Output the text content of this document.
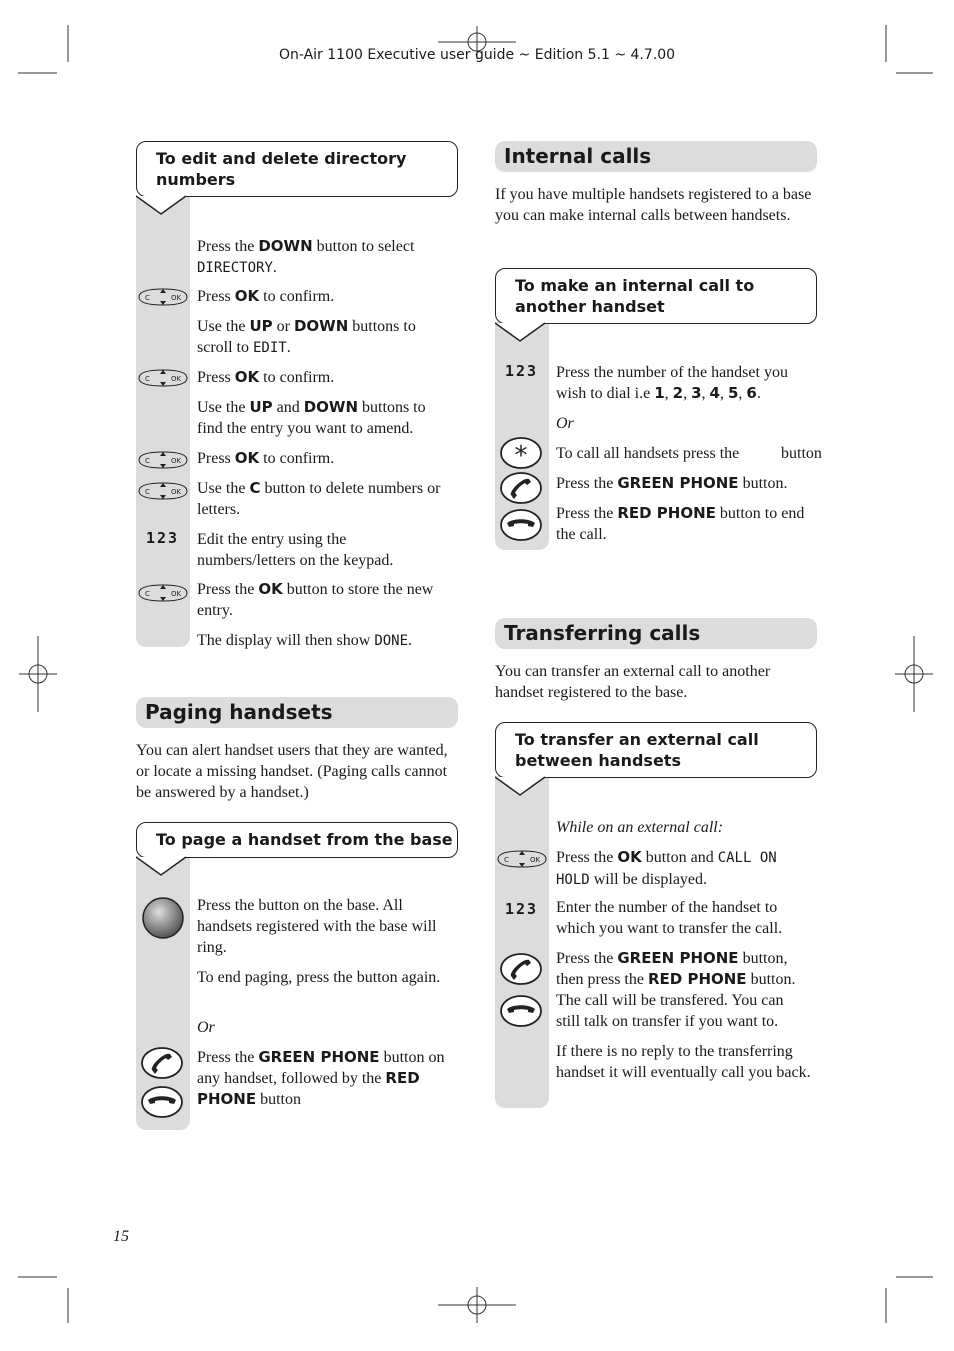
On-Air 1100 Executive user guide ~ Edition 5.1 ~ 4.7.00
15
To edit and delete directory numbers
C	OK
C	OK
C	OK
C	OK
123
C	OK
Press the DOWN button to select DIRECTORY.
Press OK to confirm.
Use the UP or DOWN buttons to scroll to EDIT.
Press OK to confirm.
Use the UP and DOWN buttons to find the entry you want to amend.
Press OK to confirm.
Use the C button to delete numbers or letters.
Edit the entry using the numbers/letters on the keypad.
Press the OK button to store the new entry.
The display will then show DONE.
Paging handsets
You can alert handset users that they are wanted, or locate a missing handset. (Paging calls cannot be answered by a handset.)
To page a handset from the base
Press the button on the base. All handsets registered with the base will ring.
To end paging, press the button again.
Or
Press the GREEN PHONE button on any handset, followed by the RED PHONE button
Internal calls
If you have multiple handsets registered to a base you can make internal calls between handsets.
To make an internal call to another handset
123
*
Press the number of the handset you wish to dial i.e 1, 2, 3, 4, 5, 6.
Or
To call all handsets press the	button
Press the GREEN PHONE button.
Press the RED PHONE button to end the call.
Transferring calls
You can transfer an external call to another handset registered to the base.
To transfer an external call between handsets
C	OK
123
While on an external call:
Press the OK button and CALL ON HOLD will be displayed.
Enter the number of the handset to which you want to transfer the call.
Press the GREEN PHONE button, then press the RED PHONE button. The call will be transfered. You can still talk on transfer if you want to.
If there is no reply to the transferring handset it will eventually call you back.
